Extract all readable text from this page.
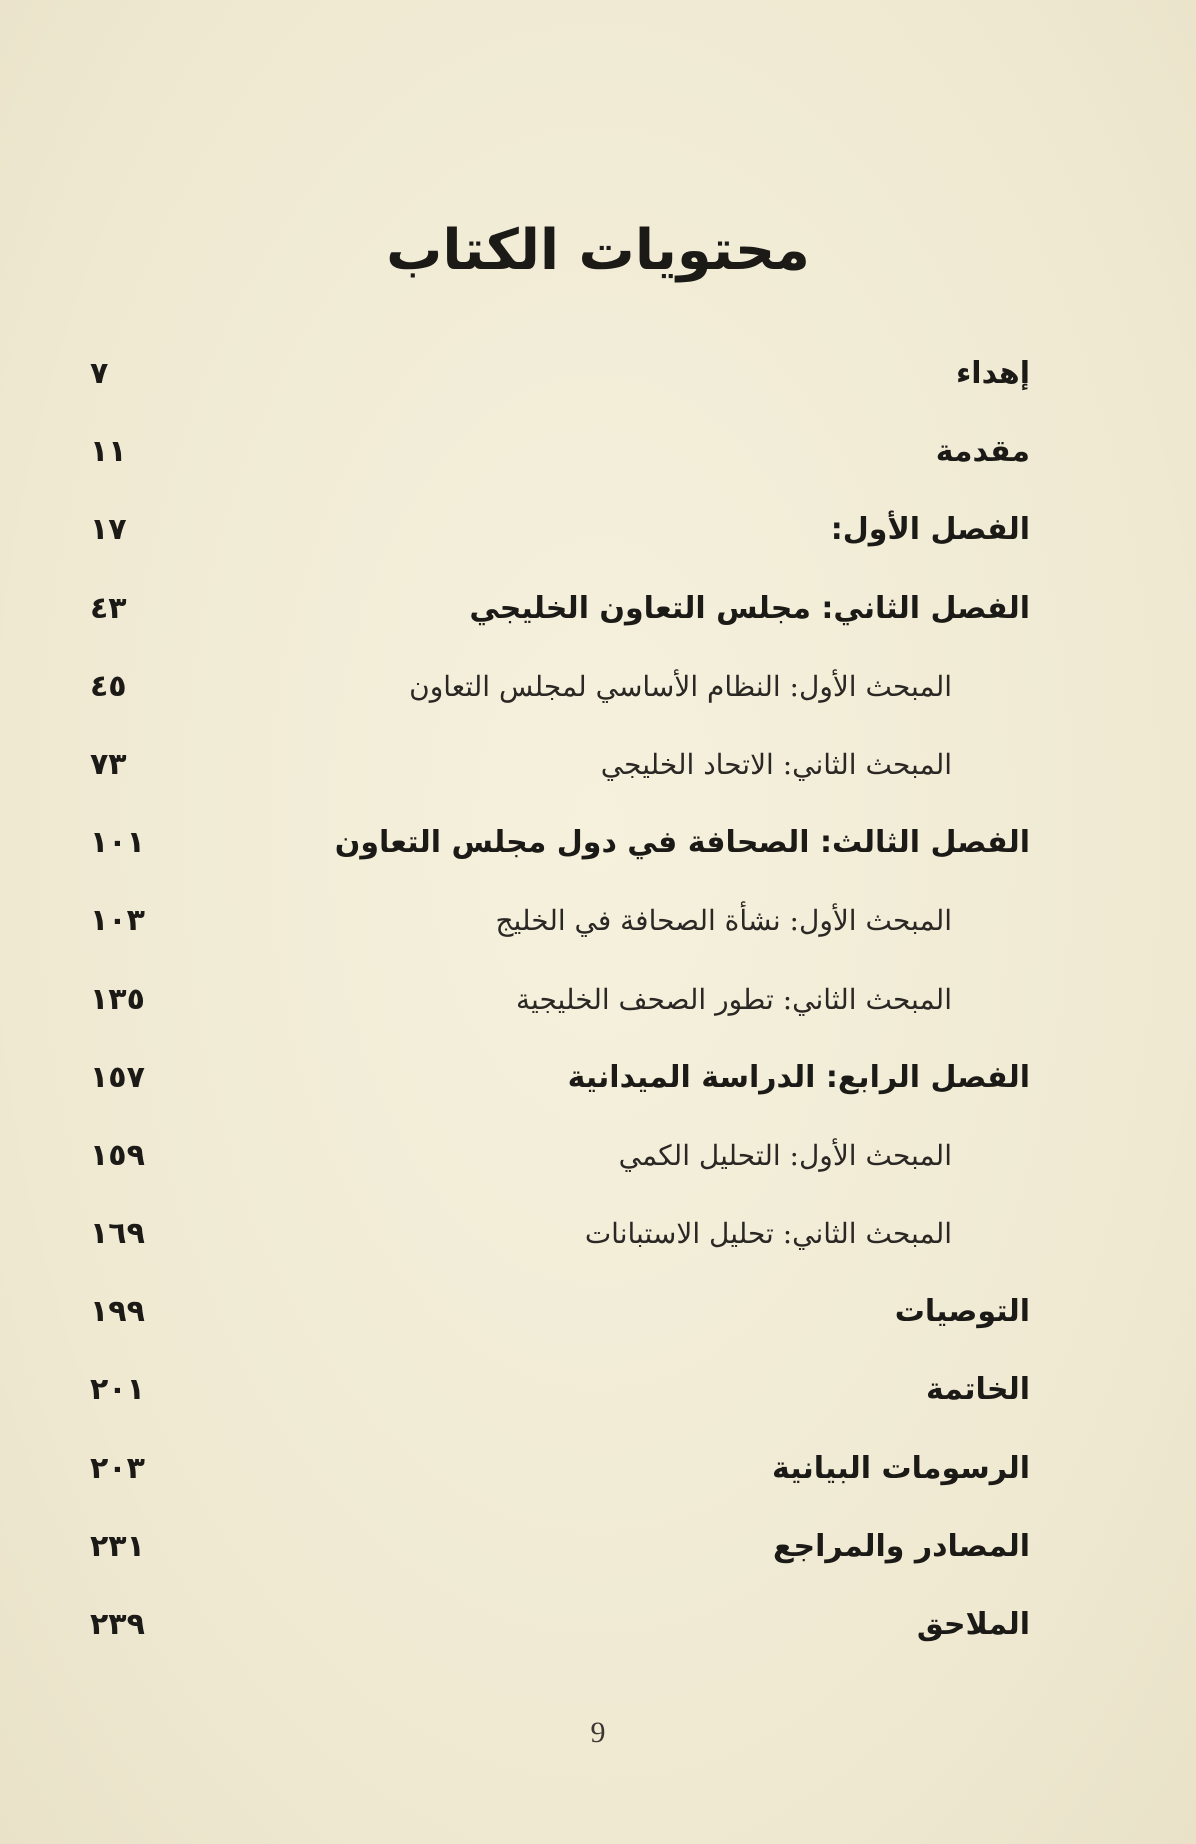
محتويات الكتاب
إهداء
٧
مقدمة
١١
الفصل الأول:
١٧
الفصل الثاني: مجلس التعاون الخليجي
٤٣
المبحث الأول: النظام الأساسي لمجلس التعاون
٤٥
المبحث الثاني: الاتحاد الخليجي
٧٣
الفصل الثالث: الصحافة في دول مجلس التعاون
١٠١
المبحث الأول: نشأة الصحافة في الخليج
١٠٣
المبحث الثاني: تطور الصحف الخليجية
١٣٥
الفصل الرابع: الدراسة الميدانية
١٥٧
المبحث الأول: التحليل الكمي
١٥٩
المبحث الثاني: تحليل الاستبانات
١٦٩
التوصيات
١٩٩
الخاتمة
٢٠١
الرسومات البيانية
٢٠٣
المصادر والمراجع
٢٣١
الملاحق
٢٣٩
9
